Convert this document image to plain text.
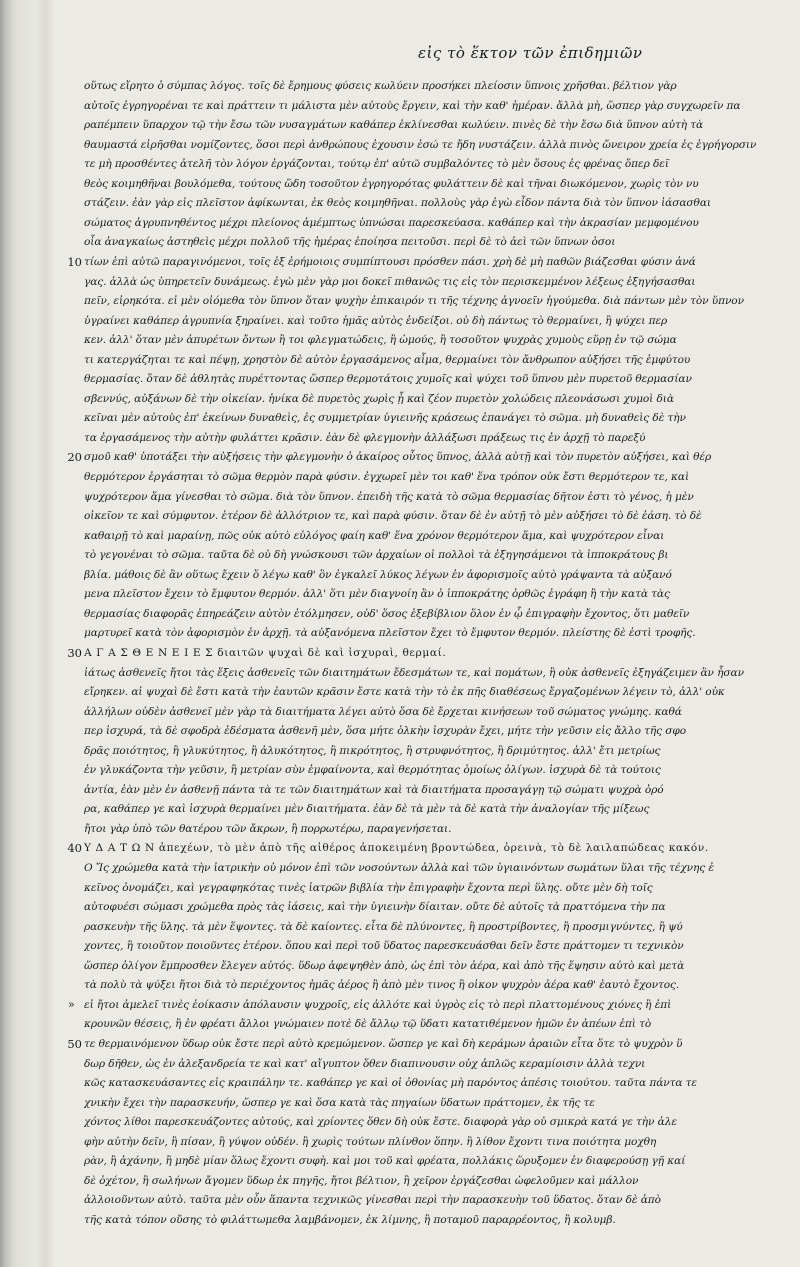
εἰς τὸ ἕκτον τῶν ἐπιδημιῶν
οὕτως εἴρητο ὁ σύμπας λόγος. τοῖς δὲ ἔρημους φύσεις κωλύειν προσήκει πλείοσιν ὕπνοις χρῆσθαι. βέλτιον γὰρ
αὐτοῖς ἐγρηγορέναι τε καὶ πράττειν τι μάλιστα μὲν αὐτοὺς ἔργειν, καὶ τὴν καθ' ἡμέραν. ἄλλὰ μὴ, ὥσπερ γὰρ συγχωρεῖν πα
ραπέμπειν ὕπαρχον τῷ τὴν ἔσω τῶν νυσαγμάτων καθάπερ ἐκλίνεσθαι κωλύειν. πινὲς δὲ τὴν ἔσω διὰ ὕπνον αὐτὴ τὰ
θαυμαστά εἰρῆσθαι νομίζοντες, ὅσοι περὶ ἀνθρώπους ἐχουσιν ἐσώ τε ἤδη νυστάζειν. ἀλλὰ πινὸς ὤνειρον χρεία ἐς ἐγρήγορσιν
τε μὴ προσθέντες ἀτελῆ τὸν λόγον ἐργάζονται, τούτῳ ἐπ' αὐτῶ συμβαλόντες τὸ μὲν ὅσους ἐς φρένας ὅπερ δεῖ
θεὸς κοιμηθῆναι βουλόμεθα, τούτους ὥδη τοσοῦτον ἐγρηγορότας φυλάττειν δὲ καὶ τῆναι διωκόμενον, χωρὶς τὸν νυ
στάζειν. ἐὰν γὰρ εἰς πλεῖστον ἀφίκωνται, ἐκ θεὸς κοιμηθῆναι. πολλοὺς γὰρ ἐγὼ εἶδον πάντα διὰ τὸν ὕπνον ἰάσασθαι
σώματος ἀγρυπνηθέντος μέχρι πλείονος ἀμέμπτως ὑπνώσαι παρεσκεύασα. καθάπερ καὶ τὴν ἀκρασίαν μεμφομένου
οἷα ἀναγκαίως ἀστηθεὶς μέχρι πολλοῦ τῆς ἡμέρας ἐποίησα πειτοῦσι. περὶ δὲ τὸ ἀεὶ τῶν ὕπνων ὁσοι
τίων ἐπὶ αὐτῶ παραγινόμενοι, τοῖς ἐξ ἐρήμοιοις συμπίπτουσι πρόσθεν πάσι. χρὴ δὲ μὴ παθῶν βιάζεσθαι φύσιν ἀνά
γας. ἀλλὰ ὡς ὑπηρετεῖν δυνάμεως. ἐγὼ μὲν γὰρ μοι δοκεῖ πιθανῶς τις εἰς τὸν περισκεμμένον λέξεως ἐξηγήσασθαι
πεῖν, εἰρηκότα. εἰ μὲν οἰόμεθα τὸν ὕπνον ὅταν ψυχὴν ἐπικαιρόν τι τῆς τέχνης ἀγνοεῖν ἡγούμεθα. διὰ πάντων μὲν τὸν ὕπνον
ὑγραίνει καθάπερ ἀγρυπνία ξηραίνει. καὶ τοῦτο ἡμᾶς αὐτὸς ἐνδείξοι. οὐ δὴ πάντως τὸ θερμαίνει, ἢ ψύχει περ
κεν. ἀλλ' ὅταν μὲν ἀπυρέτων ὄντων ἢ τοι φλεγματώδεις, ἢ ὠμούς, ἢ τοσοῦτον ψυχρὰς χυμοὺς εὕρῃ ἐν τῷ σώμα
τι κατεργάζηται τε καὶ πέψῃ, χρηστὸν δὲ αὐτὸν ἐργασάμενος αἷμα, θερμαίνει τὸν ἄνθρωπον αὐξήσει τῆς ἐμφύτου
θερμασίας. ὅταν δὲ ἀθλητὰς πυρέττοντας ὥσπερ θερμοτάτοις χυμοῖς καὶ ψύχει τοῦ ὕπνου μὲν πυρετοῦ θερμασίαν
σβεννύς, αὐξάνων δὲ τὴν οἰκείαν. ἡνίκα δὲ πυρετὸς χωρὶς ᾖ καὶ ζέον πυρετὸν χολώδεις πλεονάσωσι χυμοὶ διὰ
κεῖναι μὲν αὐτοὺς ἐπ' ἐκείνων δυναθεὶς, ἐς συμμετρίαν ὑγιεινῆς κράσεως ἐπανάγει τὸ σῶμα. μὴ δυναθεὶς δὲ τὴν
τα ἐργασάμενος τὴν αὐτὴν φυλάττει κρᾶσιν. ἐὰν δὲ φλεγμονὴν ἀλλάξωσι πράξεως τις ἐν ἀρχῇ τὸ παρεξύ
σμοῦ καθ' ὑποτάξει τὴν αὐξήσεις τὴν φλεγμονὴν ὁ ἀκαίρος οὗτος ὕπνος, ἀλλὰ αὐτῇ καὶ τὸν πυρετὸν αὐξήσει, καὶ θέρ
θερμότερον ἐργάσηται τὸ σῶμα θερμὸν παρὰ φύσιν. ἐγχωρεῖ μὲν τοι καθ' ἕνα τρόπον οὐκ ἔστι θερμότερον τε, καὶ
ψυχρότερον ἅμα γίνεσθαι τὸ σῶμα. διὰ τὸν ὕπνον. ἐπειδὴ τῆς κατὰ τὸ σῶμα θερμασίας δῆτον ἐστι τὸ γένος, ἡ μὲν
οἰκεῖον τε καὶ σύμφυτον. ἑτέρον δὲ ἀλλότριον τε, καὶ παρὰ φύσιν. ὅταν δὲ ἐν αὐτῇ τὸ μὲν αὐξήσει τὸ δὲ ἐάση. τὸ δὲ
καθαιρῇ τὸ καὶ μαραίνῃ, πῶς οὐκ αὐτὸ εὐλόγος φαίη καθ' ἕνα χρόνον θερμότερον ἅμα, καὶ ψυχρότερον εἶναι
τὸ γεγονέναι τὸ σῶμα. ταῦτα δὲ οὐ δὴ γνώσκουσι τῶν ἀρχαίων οἱ πολλοὶ τὰ ἐξηγησάμενοι τὰ ἱπποκράτους βι
βλία. μάθοις δὲ ἂν οὕτως ἔχειν ὅ λέγω καθ' ὃν ἐγκαλεῖ λύκος λέγων ἐν ἀφορισμοῖς αὐτὸ γράψαντα τὰ αὐξανό
μενα πλεῖστον ἔχειν τὸ ἔμφυτον θερμόν. ἀλλ' ὅτι μὲν διαγνοίη ἂν ὁ ἱπποκράτης ὀρθῶς ἐγράφη ἢ τὴν κατὰ τὰς
θερμασίας διαφορᾶς ἐπηρεάζειν αὐτὸν ἐτόλμησεν, οὐδ' ὅσος ἐξεβίβλιον ὅλον ἐν ᾧ ἐπιγραφὴν ἔχοντος, ὅτι μαθεῖν
μαρτυρεῖ κατὰ τὸν ἀφορισμὸν ἐν ἀρχῇ. τὰ αὐξανόμενα πλεῖστον ἔχει τὸ ἔμφυτον θερμόν. πλείστης δὲ ἐστὶ τροφῆς.
Α Γ Α Σ Θ Ε Ν Ε Ι Ε Σ διαιτῶν ψυχαὶ δὲ καὶ ἰσχυραὶ, θερμαί.
ἰάτως ἀσθενεῖς ἤτοι τὰς ἕξεις ἀσθενεῖς τῶν διαιτημάτων ἔδεσμάτων τε, καὶ πομάτων, ἢ οὐκ ἀσθενεῖς ἐξηγάζειμεν ἂν ἦσαν
εἴρηκεν. αἱ ψυχαὶ δὲ ἔστι κατὰ τὴν ἑαυτῶν κρᾶσιν ἔστε κατὰ τὴν τὸ ἐκ πῆς διαθέσεως ἔργαζομένων λέγειν τὸ, ἀλλ' οὐκ
ἀλλήλων οὐδὲν ἀσθενεῖ μὲν γὰρ τὰ διαιτήματα λέγει αὐτὸ ὅσα δὲ ἔρχεται κινήσεων τοῦ σώματος γνώμης. καθά
περ ἰσχυρά, τὰ δὲ σφοδρὰ ἐδέσματα ἀσθενῆ μὲν, ὅσα μήτε ὁλκὴν ἰσχυρὰν ἔχει, μήτε τὴν γεῦσιν εἰς ἄλλο τῆς σφο
δρᾶς ποιότητος, ἢ γλυκύτητος, ἢ ἀλυκότητος, ἢ πικρότητος, ἢ στρυφνότητος, ἢ δριμύτητος. ἀλλ' ἔτι μετρίως
ἐν γλυκάζοντα τὴν γεῦσιν, ἢ μετρίαν σὺν ἐμφαίνοντα, καὶ θερμότητας ὁμοίως ὀλίγων. ἰσχυρὰ δὲ τὰ τούτοις
ἀντία, ἐὰν μὲν ἐν ἀσθενῇ πάντα τὰ τε τῶν διαιτημάτων καὶ τὰ διαιτήματα προσαγάγῃ τῷ σώματι ψυχρὰ ὁρό
ρα, καθάπερ γε καὶ ἰσχυρὰ θερμαίνει μὲν διαιτήματα. ἐὰν δὲ τὰ μὲν τὰ δὲ κατὰ τὴν ἀναλογίαν τῆς μίξεως
ἤτοι γὰρ ὑπὸ τῶν θατέρου τῶν ἄκρων, ἢ πορρωτέρω, παραγενήσεται.
Υ Δ Α Τ Ω Ν ἀπεχέων, τὸ μὲν ἀπὸ τῆς αἰθέρος ἀποκειμένη βροντώδεα, ὀρεινὰ, τὸ δὲ λαιλαπώδεας κακόν.
Ο Ἴς χρώμεθα κατὰ τὴν ἰατρικὴν οὐ μόνον ἐπὶ τῶν νοσούντων ἀλλὰ καὶ τῶν ὑγιαινόντων σωμάτων ὕλαι τῆς τέχνης ἐ
κεῖνος ὀνομάζει, καὶ γεγραφηκότας τινὲς ἰατρῶν βιβλία τὴν ἐπιγραφὴν ἔχοντα περὶ ὕλης. οὔτε μὲν δὴ τοῖς
αὐτοφυέσι σώμασι χρώμεθα πρὸς τὰς ἰάσεις, καὶ τὴν ὑγιεινὴν δίαιταν. οὔτε δὲ αὐτοῖς τὰ πραττόμενα τὴν πα
ρασκευὴν τῆς ὕλης. τὰ μὲν ἕψοντες. τὰ δὲ καίοντες. εἶτα δὲ πλύνοντες, ἢ προστρίβοντες, ἢ προσμιγνύντες, ἢ ψύ
χοντες, ἢ τοιοῦτον ποιοῦντες ἑτέρον. ὅπου καὶ περὶ τοῦ ὕδατος παρεσκευάσθαι δεῖν ἔστε πράττομεν τι τεχνικὸν
ὥσπερ ὀλίγον ἔμπροσθεν ἔλεγεν αὐτός. ὕδωρ ἀφεψηθὲν ἀπὸ, ὡς ἐπὶ τὸν ἀέρα, καὶ ἀπὸ τῆς ἕψησιν αὐτὸ καὶ μετὰ
τὰ πολὺ τὰ ψύξει ἤτοι διὰ τὸ περιέχοντος ἡμᾶς ἀέρος ἢ ἀπὸ μὲν τινος ἢ οἰκον ψυχρὸν ἀέρα καθ' ἑαυτὸ ἔχοντος.
εἰ ἤτοι ἀμελεῖ τινὲς ἐοίκασιν ἀπόλαυσιν ψυχροῖς, εἰς ἀλλότε καὶ ὑγρὸς εἰς τὸ περὶ πλαττομένους χιόνες ἢ ἐπὶ
κρουνῶν θέσεις, ἢ ἐν φρέατι ἄλλοι γνώμαιεν ποτὲ δὲ ἄλλῳ τῷ ὕδατι κατατιθέμενον ἡμῶν ἐν ἀπέων ἐπὶ τὸ
τε θερμαινόμενον ὕδωρ οὐκ ἔστε περὶ αὐτὸ κρεμώμενον. ὥσπερ γε καὶ δὴ κεράμων ἀραιῶν εἶτα ὅτε τὸ ψυχρὸν ὕ
δωρ δῆθεν, ὡς ἐν ἀλεξανδρεία τε καὶ κατ' αἴγυπτον ὅθεν διαπινουσιν οὐχ ἀπλῶς κεραμίοισιν ἀλλὰ τεχνι
κῶς κατασκευάσαντες εἰς κραιπάλην τε. καθάπερ γε καὶ οἱ ὀθονίας μὴ παρόντος ἀπέσις τοιούτου. ταῦτα πάντα τε
χνικὴν ἔχει τὴν παρασκευήν, ὥσπερ γε καὶ ὅσα κατὰ τὰς πηγαίων ὕδατων πράττομεν, ἐκ τῆς τε
χόντος λίθοι παρεσκευάζοντες αὐτούς, καὶ χρίοντες ὅθεν δὴ οὐκ ἔστε. διαφορὰ γὰρ οὐ σμικρὰ κατά γε τὴν ἀλε
φὴν αὐτὴν δεῖν, ἢ πίσαν, ἢ γύψον οὐδέν. ἢ χωρὶς τούτων πλίνθον ὅπην. ἢ λίθον ἔχοντι τινα ποιότητα μοχθη
ρὰν, ἢ ἀχάνην, ἢ μηδὲ μίαν ὅλως ἔχοντι συφὴ. καὶ μοι τοῦ καὶ φρέατα, πολλάκις ὥρυξομεν ἐν διαφερούσῃ γῇ καί
δὲ ὀχέτον, ἢ σωλήνων ἄγομεν ὕδωρ ἐκ πηγῆς, ἤτοι βέλτιον, ἢ χεῖρον ἐργάζεσθαι ὠφελοῦμεν καὶ μάλλον
ἀλλοιοῦντων αὐτὸ. ταῦτα μὲν οὖν ἅπαντα τεχνικῶς γίνεσθαι περὶ τὴν παρασκευὴν τοῦ ὕδατος. ὅταν δὲ ἀπὸ
τῆς κατὰ τόπον οὔσης τὸ φιλάττωμεθα λαμβάνομεν, ἐκ λίμνης, ἢ ποταμοῦ παραρρέοντος, ἢ κολυμβ.
10
20
30
40
50
»
